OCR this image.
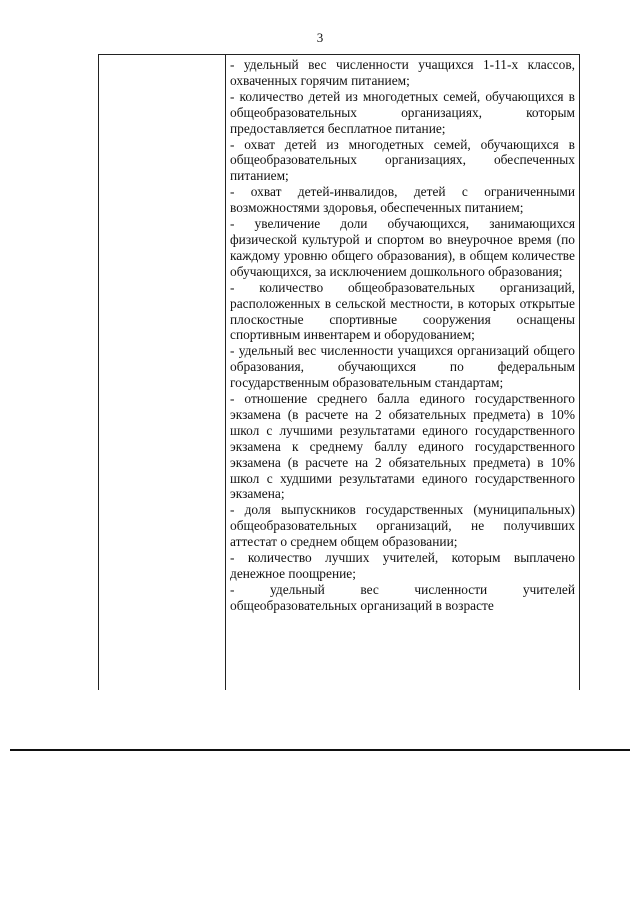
3

- удельный вес численности учащихся 1-11-х классов, охваченных горячим питанием;

- количество детей из многодетных семей, обучающихся в общеобразовательных организациях, которым предоставляется бесплатное питание;

- охват детей из многодетных семей, обучающихся в общеобразовательных организациях, обеспеченных питанием;

- охват детей-инвалидов, детей с ограниченными возможностями здоровья, обеспеченных питанием;

- увеличение доли обучающихся, занимающихся физической культурой и спортом во внеурочное время (по каждому уровню общего образования), в общем количестве обучающихся, за исключением дошкольного образования;

- количество общеобразовательных организаций, расположенных в сельской местности, в которых открытые плоскостные спортивные сооружения оснащены спортивным инвентарем и оборудованием;

- удельный вес численности учащихся организаций общего образования, обучающихся по федеральным государственным образовательным стандартам;

- отношение среднего балла единого государственного экзамена (в расчете на 2 обязательных предмета) в 10% школ с лучшими результатами единого государственного экзамена к среднему баллу единого государственного экзамена (в расчете на 2 обязательных предмета) в 10% школ с худшими результатами единого государственного экзамена;

- доля выпускников государственных (муниципальных) общеобразовательных организаций, не получивших аттестат о среднем общем образовании;

- количество лучших учителей, которым выплачено денежное поощрение;

- удельный вес численности учителей общеобразовательных организаций в возрасте
